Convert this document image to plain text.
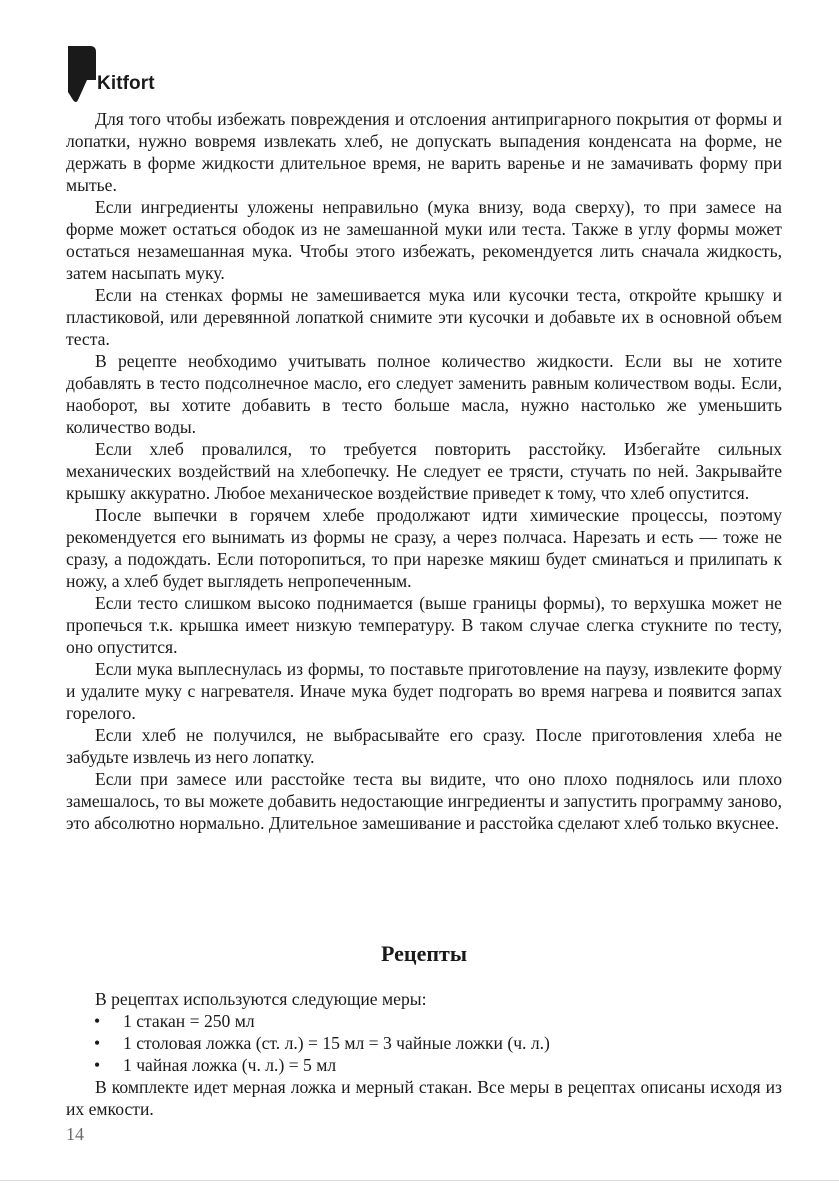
Kitfort

Для того чтобы избежать повреждения и отслоения антипригарного покрытия от формы и лопатки, нужно вовремя извлекать хлеб, не допускать выпадения конденсата на форме, не держать в форме жидкости длительное время, не варить варенье и не замачивать форму при мытье.

Если ингредиенты уложены неправильно (мука внизу, вода сверху), то при замесе на форме может остаться ободок из не замешанной муки или теста. Также в углу формы может остаться незамешанная мука. Чтобы этого избежать, рекомендуется лить сначала жидкость, затем насыпать муку.

Если на стенках формы не замешивается мука или кусочки теста, откройте крышку и пластиковой, или деревянной лопаткой снимите эти кусочки и добавьте их в основной объем теста.

В рецепте необходимо учитывать полное количество жидкости. Если вы не хотите добавлять в тесто подсолнечное масло, его следует заменить равным количеством воды. Если, наоборот, вы хотите добавить в тесто больше масла, нужно настолько же уменьшить количество воды.

Если хлеб провалился, то требуется повторить расстойку. Избегайте сильных механических воздействий на хлебопечку. Не следует ее трясти, стучать по ней. Закрывайте крышку аккуратно. Любое механическое воздействие приведет к тому, что хлеб опустится.

После выпечки в горячем хлебе продолжают идти химические процессы, поэтому рекомендуется его вынимать из формы не сразу, а через полчаса. Нарезать и есть — тоже не сразу, а подождать. Если поторопиться, то при нарезке мякиш будет сминаться и прилипать к ножу, а хлеб будет выглядеть непропеченным.

Если тесто слишком высоко поднимается (выше границы формы), то верхушка может не пропечься т.к. крышка имеет низкую температуру. В таком случае слегка стукните по тесту, оно опустится.

Если мука выплеснулась из формы, то поставьте приготовление на паузу, извлеките форму и удалите муку с нагревателя. Иначе мука будет подгорать во время нагрева и появится запах горелого.

Если хлеб не получился, не выбрасывайте его сразу. После приготовления хлеба не забудьте извлечь из него лопатку.

Если при замесе или расстойке теста вы видите, что оно плохо поднялось или плохо замешалось, то вы можете добавить недостающие ингредиенты и запустить программу заново, это абсолютно нормально. Длительное замешивание и расстойка сделают хлеб только вкуснее.

Рецепты

В рецептах используются следующие меры:

• 1 стакан = 250 мл
• 1 столовая ложка (ст. л.) = 15 мл = 3 чайные ложки (ч. л.)
• 1 чайная ложка (ч. л.) = 5 мл

В комплекте идет мерная ложка и мерный стакан. Все меры в рецептах описаны исходя из их емкости.

14
